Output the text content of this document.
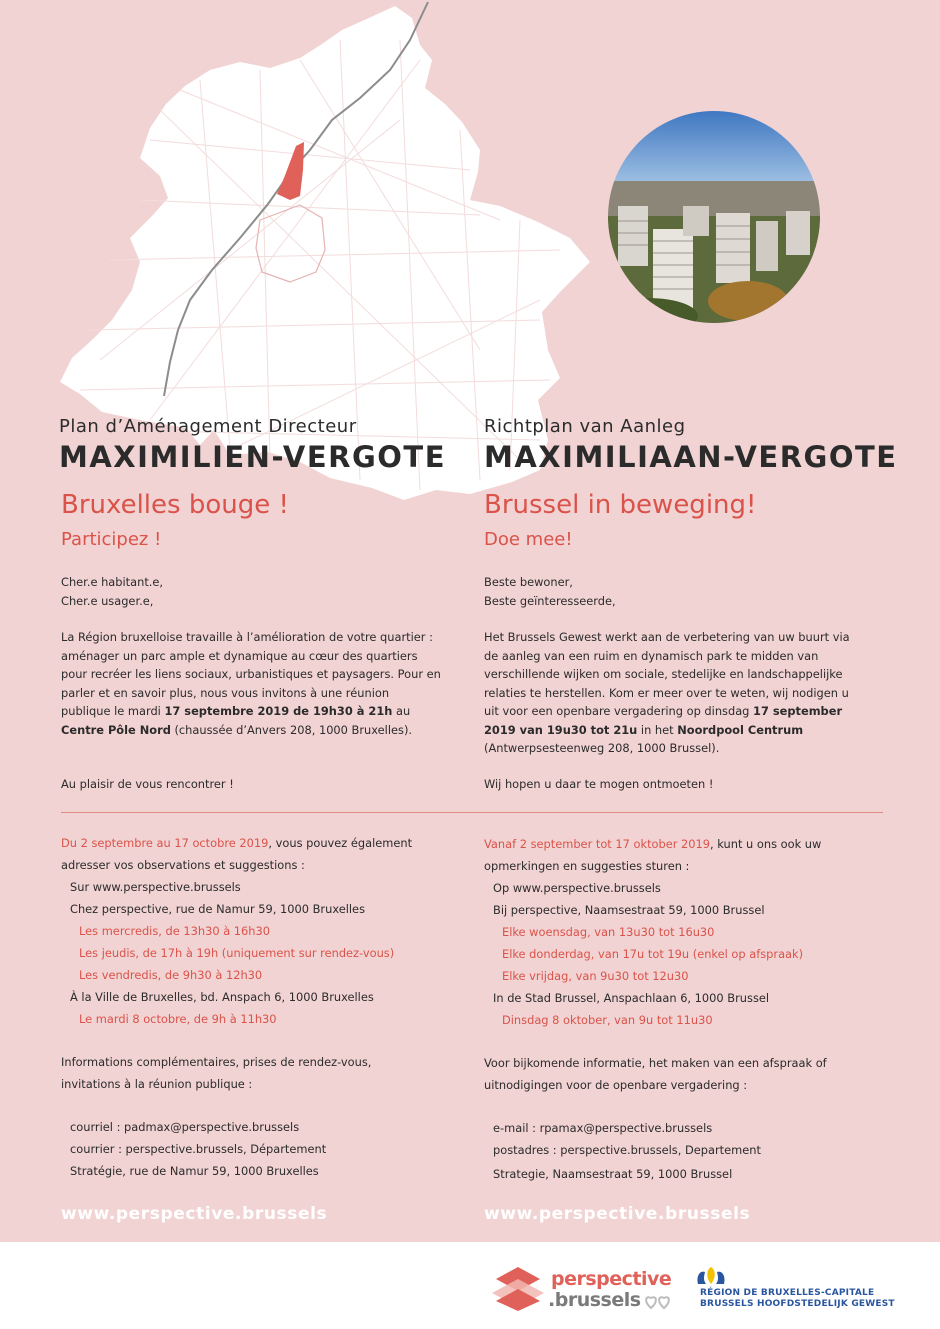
Plan d’Aménagement Directeur
MAXIMILIEN-VERGOTE
Bruxelles bouge !
Participez !
Richtplan van Aanleg
MAXIMILIAAN-VERGOTE
Brussel in beweging!
Doe mee!

Cher.e habitant.e,

Cher.e usager.e,

La Région bruxelloise travaille à l’amélioration de votre quartier : aménager un parc ample et dynamique au cœur des quartiers pour recréer les liens sociaux, urbanistiques et paysagers. Pour en parler et en savoir plus, nous vous invitons à une réunion publique le mardi 17 septembre 2019 de 19h30 à 21h au Centre Pôle Nord (chaussée d’Anvers 208, 1000 Bruxelles).

Au plaisir de vous rencontrer !

Beste bewoner,

Beste geïnteresseerde,

Het Brussels Gewest werkt aan de verbetering van uw buurt via de aanleg van een ruim en dynamisch park te midden van verschillende wijken om sociale, stedelijke en landschappelijke relaties te herstellen. Kom er meer over te weten, wij nodigen u uit voor een openbare vergadering op dinsdag 17 september 2019 van 19u30 tot 21u in het Noordpool Centrum (Antwerpsesteenweg 208, 1000 Brussel).

Wij hopen u daar te mogen ontmoeten !
Du 2 septembre au 17 octobre 2019, vous pouvez également
adresser vos observations et suggestions :
Sur www.perspective.brussels
Chez perspective, rue de Namur 59, 1000 Bruxelles
Les mercredis, de 13h30 à 16h30
Les jeudis, de 17h à 19h (uniquement sur rendez-vous)
Les vendredis, de 9h30 à 12h30
À la Ville de Bruxelles, bd. Anspach 6, 1000 Bruxelles
Le mardi 8 octobre, de 9h à 11h30
Informations complémentaires, prises de rendez-vous,
invitations à la réunion publique :
courriel : padmax@perspective.brussels
courrier : perspective.brussels, Département
Stratégie, rue de Namur 59, 1000 Bruxelles
Vanaf 2 september tot 17 oktober 2019, kunt u ons ook uw
opmerkingen en suggesties sturen :
Op www.perspective.brussels
Bij perspective, Naamsestraat 59, 1000 Brussel
Elke woensdag, van 13u30 tot 16u30
Elke donderdag, van 17u tot 19u (enkel op afspraak)
Elke vrijdag, van 9u30 tot 12u30
In de Stad Brussel, Anspachlaan 6, 1000 Brussel
Dinsdag 8 oktober, van 9u tot 11u30
Voor bijkomende informatie, het maken van een afspraak of
uitnodigingen voor de openbare vergadering :
e-mail : rpamax@perspective.brussels
postadres : perspective.brussels, Departement
Strategie, Naamsestraat 59, 1000 Brussel
www.perspective.brussels	www.perspective.brussels
perspective
.brussels	RÉGION DE BRUXELLES-CAPITALE
BRUSSELS HOOFDSTEDELIJK GEWEST
